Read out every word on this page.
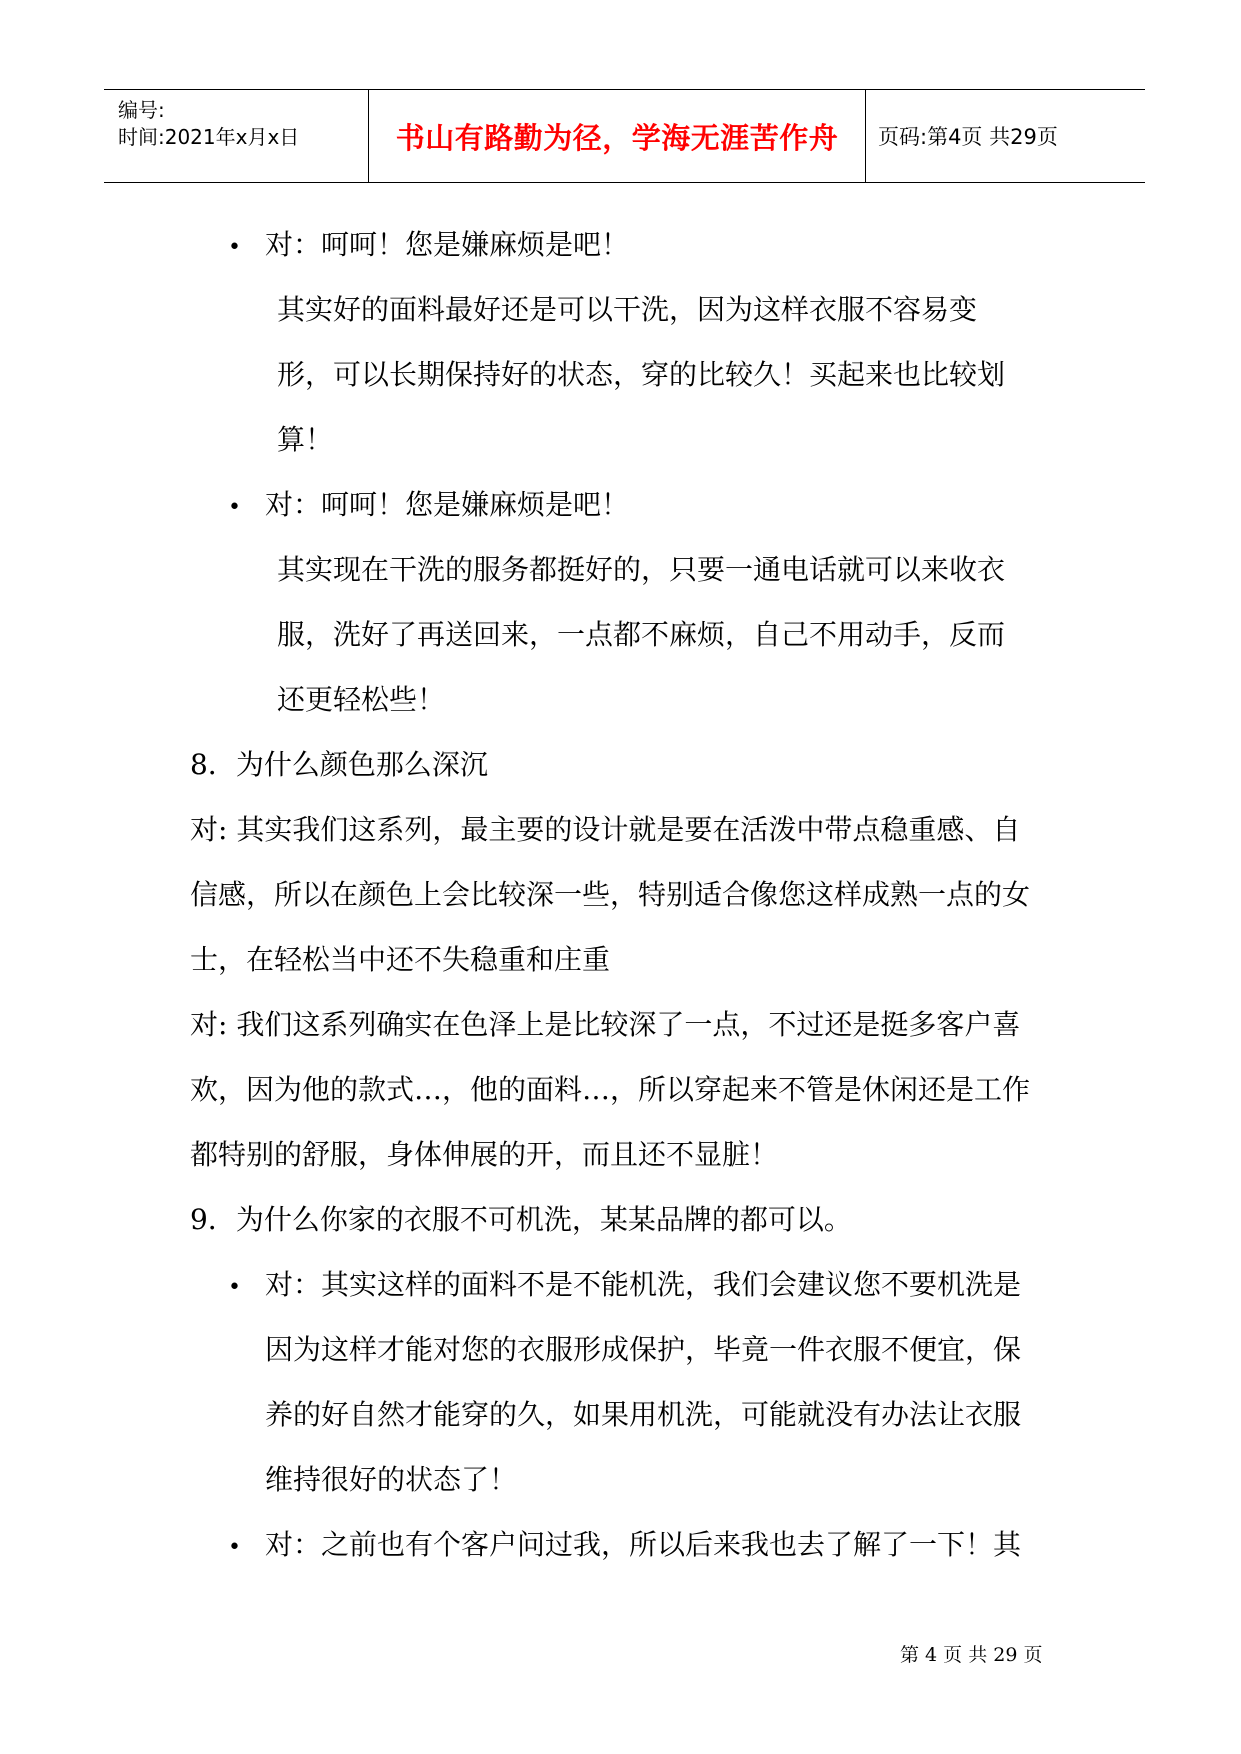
编号:
时间:2021年x月x日	书山有路勤为径，学海无涯苦作舟 页码:第4页 共29页
• 对：呵呵！您是嫌麻烦是吧！
其实好的面料最好还是可以干洗，因为这样衣服不容易变
形，可以长期保持好的状态，穿的比较久！买起来也比较划
算！
• 对：呵呵！您是嫌麻烦是吧！
其实现在干洗的服务都挺好的，只要一通电话就可以来收衣
服，洗好了再送回来，一点都不麻烦，自己不用动手，反而
还更轻松些！
8．为什么颜色那么深沉
对: 其实我们这系列，最主要的设计就是要在活泼中带点稳重感、自
信感，所以在颜色上会比较深一些，特别适合像您这样成熟一点的女
士，在轻松当中还不失稳重和庄重
对: 我们这系列确实在色泽上是比较深了一点，不过还是挺多客户喜
欢，因为他的款式…，他的面料…，所以穿起来不管是休闲还是工作
都特别的舒服，身体伸展的开，而且还不显脏！
9．为什么你家的衣服不可机洗，某某品牌的都可以。
• 对：其实这样的面料不是不能机洗，我们会建议您不要机洗是
因为这样才能对您的衣服形成保护，毕竟一件衣服不便宜，保
养的好自然才能穿的久，如果用机洗，可能就没有办法让衣服
维持很好的状态了！
• 对：之前也有个客户问过我，所以后来我也去了解了一下！其
第 4 页 共 29 页
